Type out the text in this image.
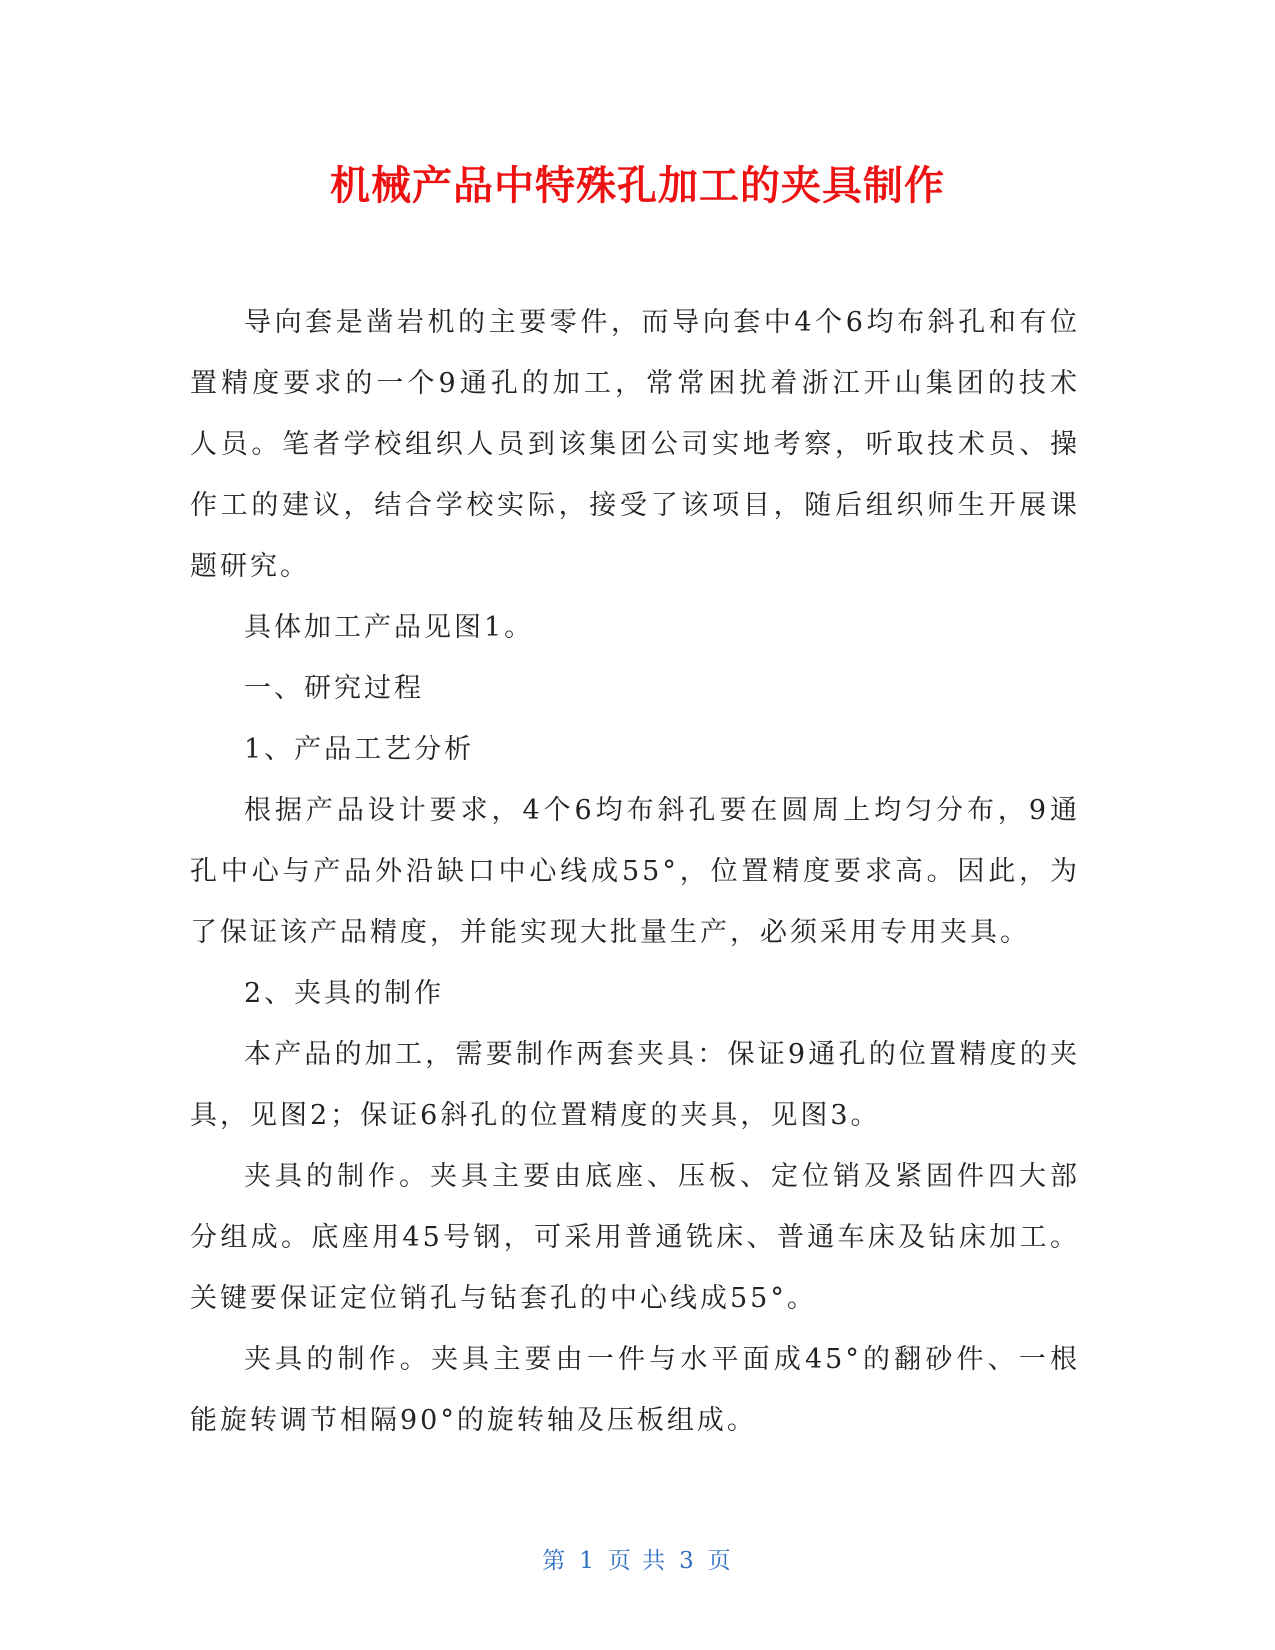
机械产品中特殊孔加工的夹具制作

导向套是凿岩机的主要零件，而导向套中4个6均布斜孔和有位置精度要求的一个9通孔的加工，常常困扰着浙江开山集团的技术人员。笔者学校组织人员到该集团公司实地考察，听取技术员、操作工的建议，结合学校实际，接受了该项目，随后组织师生开展课题研究。

具体加工产品见图1。

一、研究过程

1、产品工艺分析

根据产品设计要求，4个6均布斜孔要在圆周上均匀分布，9通孔中心与产品外沿缺口中心线成55°，位置精度要求高。因此，为了保证该产品精度，并能实现大批量生产，必须采用专用夹具。

2、夹具的制作

本产品的加工，需要制作两套夹具：保证9通孔的位置精度的夹具，见图2；保证6斜孔的位置精度的夹具，见图3。

夹具的制作。夹具主要由底座、压板、定位销及紧固件四大部分组成。底座用45号钢，可采用普通铣床、普通车床及钻床加工。关键要保证定位销孔与钻套孔的中心线成55°。

夹具的制作。夹具主要由一件与水平面成45°的翻砂件、一根能旋转调节相隔90°的旋转轴及压板组成。

第 1 页 共 3 页
